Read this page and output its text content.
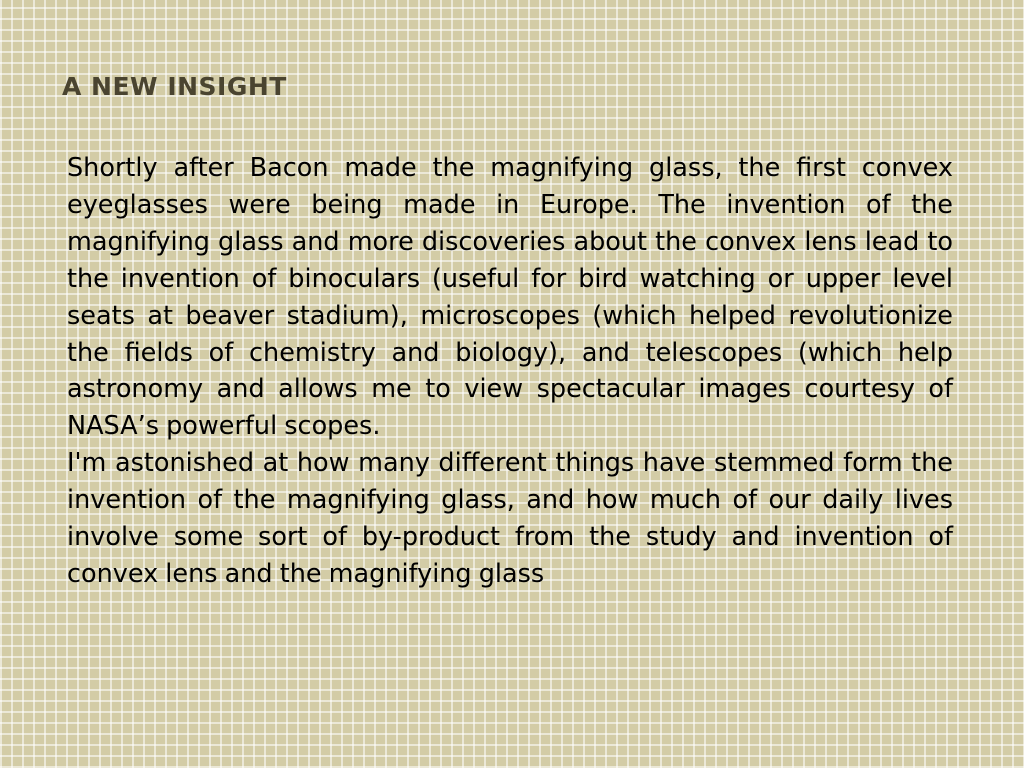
A NEW INSIGHT

Shortly after Bacon made the magnifying glass, the first convex eyeglasses were being made in Europe. The invention of the magnifying glass and more discoveries about the convex lens lead to the invention of binoculars (useful for bird watching or upper level seats at beaver stadium), microscopes (which helped revolutionize the fields of chemistry and biology), and telescopes (which help astronomy and allows me to view spectacular images courtesy of NASA’s powerful scopes.

I'm astonished at how many different things have stemmed form the invention of the magnifying glass, and how much of our daily lives involve some sort of by-product from the study and invention of convex lens and the magnifying glass
